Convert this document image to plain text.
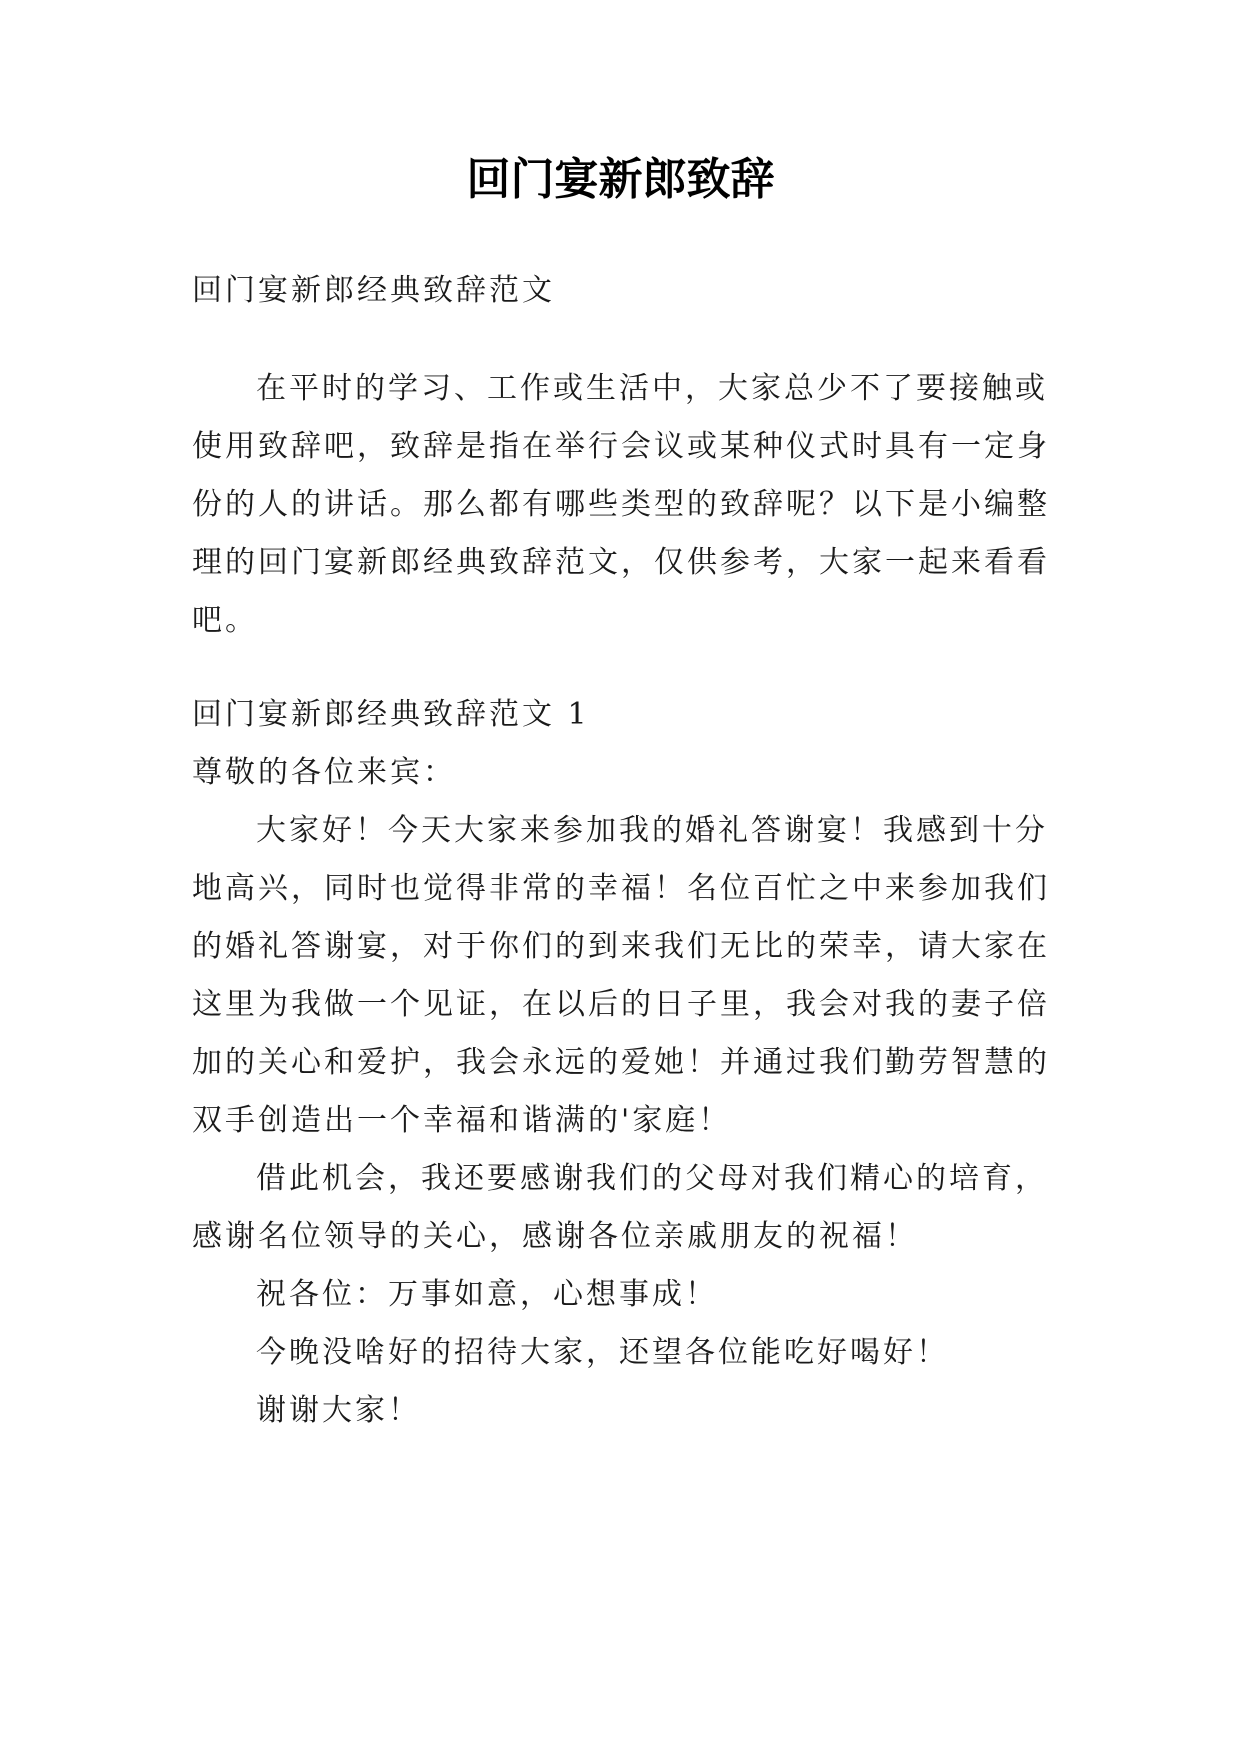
回门宴新郎致辞

回门宴新郎经典致辞范文

在平时的学习、工作或生活中，大家总少不了要接触或使用致辞吧，致辞是指在举行会议或某种仪式时具有一定身份的人的讲话。那么都有哪些类型的致辞呢？以下是小编整理的回门宴新郎经典致辞范文，仅供参考，大家一起来看看吧。

回门宴新郎经典致辞范文 1

尊敬的各位来宾：

大家好！今天大家来参加我的婚礼答谢宴！我感到十分地高兴，同时也觉得非常的幸福！名位百忙之中来参加我们的婚礼答谢宴，对于你们的到来我们无比的荣幸，请大家在这里为我做一个见证，在以后的日子里，我会对我的妻子倍加的关心和爱护，我会永远的爱她！并通过我们勤劳智慧的双手创造出一个幸福和谐满的'家庭！

借此机会，我还要感谢我们的父母对我们精心的培育，感谢名位领导的关心，感谢各位亲戚朋友的祝福！

祝各位：万事如意，心想事成！

今晚没啥好的招待大家，还望各位能吃好喝好！

谢谢大家！
